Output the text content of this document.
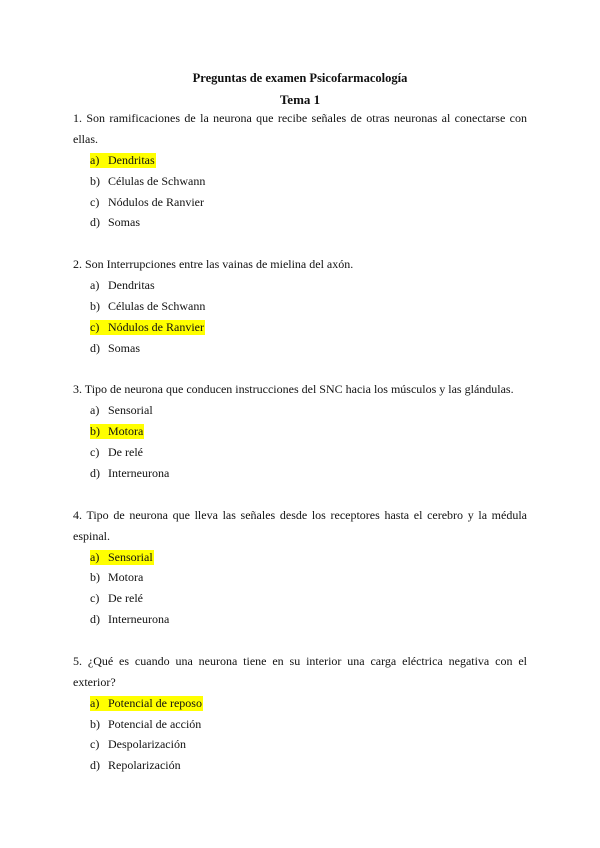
Preguntas de examen Psicofarmacología

Tema 1

1. Son ramificaciones de la neurona que recibe señales de otras neuronas al conectarse con ellas.

a) Dendritas
b) Células de Schwann
c) Nódulos de Ranvier
d) Somas

2. Son Interrupciones entre las vainas de mielina del axón.

a) Dendritas
b) Células de Schwann
c) Nódulos de Ranvier
d) Somas

3. Tipo de neurona que conducen instrucciones del SNC hacia los músculos y las glándulas.

a) Sensorial
b) Motora
c) De relé
d) Interneurona

4. Tipo de neurona que lleva las señales desde los receptores hasta el cerebro y la médula espinal.

a) Sensorial
b) Motora
c) De relé
d) Interneurona

5. ¿Qué es cuando una neurona tiene en su interior una carga eléctrica negativa con el exterior?

a) Potencial de reposo
b) Potencial de acción
c) Despolarización
d) Repolarización
